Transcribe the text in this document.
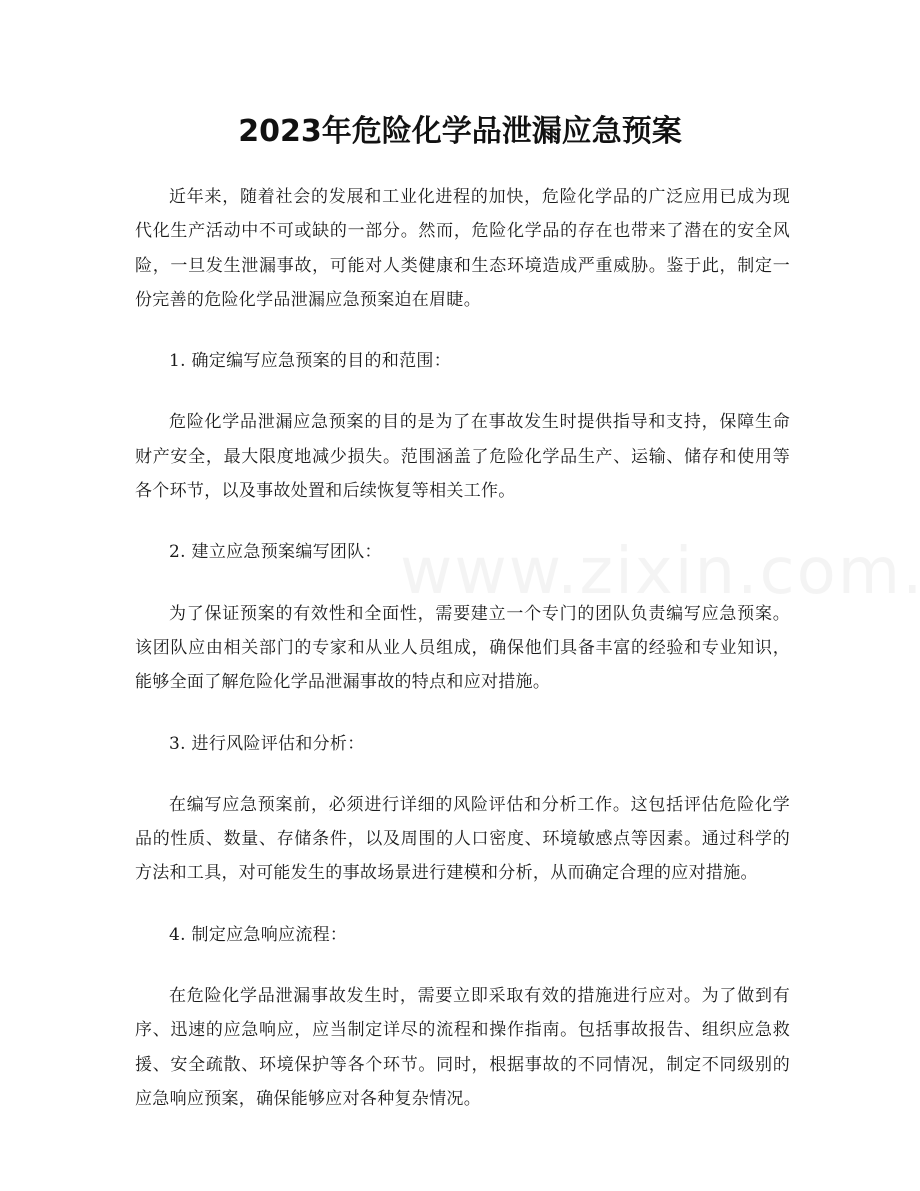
2023年危险化学品泄漏应急预案

近年来，随着社会的发展和工业化进程的加快，危险化学品的广泛应用已成为现代化生产活动中不可或缺的一部分。然而，危险化学品的存在也带来了潜在的安全风险，一旦发生泄漏事故，可能对人类健康和生态环境造成严重威胁。鉴于此，制定一份完善的危险化学品泄漏应急预案迫在眉睫。

1. 确定编写应急预案的目的和范围：

危险化学品泄漏应急预案的目的是为了在事故发生时提供指导和支持，保障生命财产安全，最大限度地减少损失。范围涵盖了危险化学品生产、运输、储存和使用等各个环节，以及事故处置和后续恢复等相关工作。

2. 建立应急预案编写团队：

为了保证预案的有效性和全面性，需要建立一个专门的团队负责编写应急预案。该团队应由相关部门的专家和从业人员组成，确保他们具备丰富的经验和专业知识，能够全面了解危险化学品泄漏事故的特点和应对措施。

3. 进行风险评估和分析：

在编写应急预案前，必须进行详细的风险评估和分析工作。这包括评估危险化学品的性质、数量、存储条件，以及周围的人口密度、环境敏感点等因素。通过科学的方法和工具，对可能发生的事故场景进行建模和分析，从而确定合理的应对措施。

4. 制定应急响应流程：

在危险化学品泄漏事故发生时，需要立即采取有效的措施进行应对。为了做到有序、迅速的应急响应，应当制定详尽的流程和操作指南。包括事故报告、组织应急救援、安全疏散、环境保护等各个环节。同时，根据事故的不同情况，制定不同级别的应急响应预案，确保能够应对各种复杂情况。
